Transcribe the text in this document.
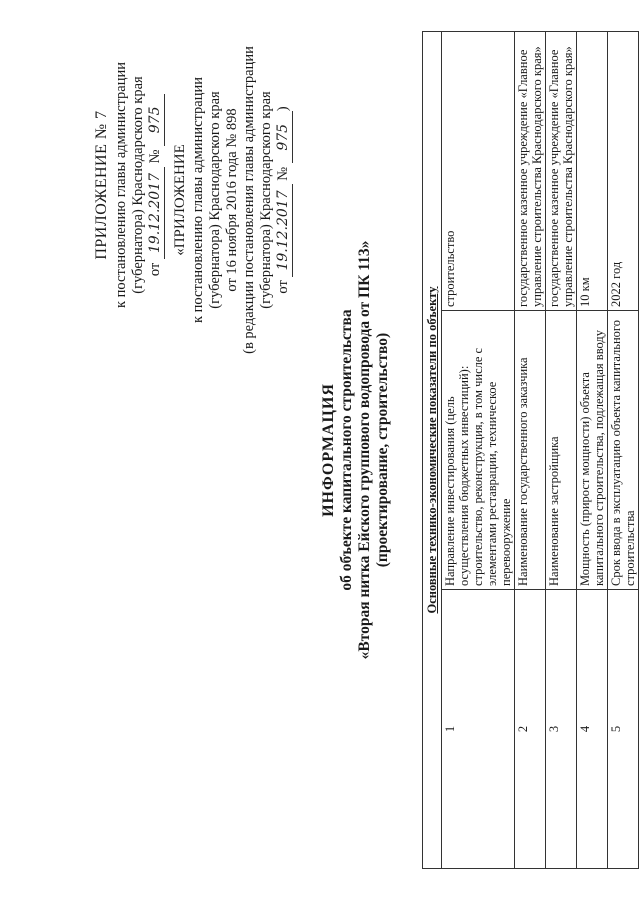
ПРИЛОЖЕНИЕ № 7 к постановлению главы администрации (губернатора) Краснодарского края от 19.12.2017 № 975
«ПРИЛОЖЕНИЕ к постановлению главы администрации (губернатора) Краснодарского края от 16 ноября 2016 года № 898 (в редакции постановления главы администрации (губернатора) Краснодарского края от 19.12.2017 № 975)
ИНФОРМАЦИЯ об объекте капитального строительства «Вторая нитка Ейского группового водопровода от ПК 113» (проектирование, строительство)	Основные технико-экономические показатели по объекту		
1	Направление инвестирования (цель осуществления бюджетных инвестиций): строительство, реконструкция, в том числе с элементами реставрации, техническое перевооружение	строительство
2	Наименование государственного заказчика	государственное казенное учреждение «Главное управление строительства Краснодарского края»
3	Наименование застройщика	государственное казенное учреждение «Главное управление строительства Краснодарского края»
4	Мощность (прирост мощности) объекта капитального строительства, подлежащая вводу	10 км
5	Срок ввода в эксплуатацию объекта капитального строительства	2022 год
